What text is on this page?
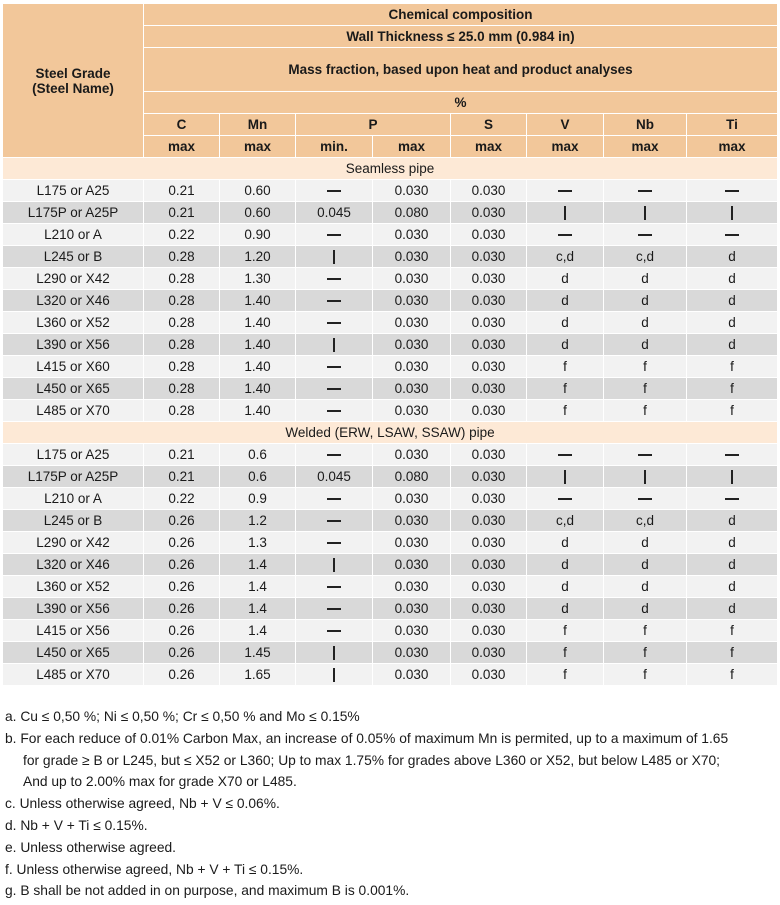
Steel Grade
(Steel Name)	Chemical composition							
	Wall Thickness ≤ 25.0 mm (0.984 in)							
	Mass fraction, based upon heat and product analyses							
	%							
	C	Mn	P		S	V	Nb	Ti
	max	max	min.	max	max	max	max	max
Seamless pipe								
L175 or A25	0.21	0.60		0.030	0.030			
L175P or A25P	0.21	0.60	0.045	0.080	0.030			
L210 or A	0.22	0.90		0.030	0.030			
L245 or B	0.28	1.20		0.030	0.030	c,d	c,d	d
L290 or X42	0.28	1.30		0.030	0.030	d	d	d
L320 or X46	0.28	1.40		0.030	0.030	d	d	d
L360 or X52	0.28	1.40		0.030	0.030	d	d	d
L390 or X56	0.28	1.40		0.030	0.030	d	d	d
L415 or X60	0.28	1.40		0.030	0.030	f	f	f
L450 or X65	0.28	1.40		0.030	0.030	f	f	f
L485 or X70	0.28	1.40		0.030	0.030	f	f	f
Welded (ERW, LSAW, SSAW) pipe								
L175 or A25	0.21	0.6		0.030	0.030			
L175P or A25P	0.21	0.6	0.045	0.080	0.030			
L210 or A	0.22	0.9		0.030	0.030			
L245 or B	0.26	1.2		0.030	0.030	c,d	c,d	d
L290 or X42	0.26	1.3		0.030	0.030	d	d	d
L320 or X46	0.26	1.4		0.030	0.030	d	d	d
L360 or X52	0.26	1.4		0.030	0.030	d	d	d
L390 or X56	0.26	1.4		0.030	0.030	d	d	d
L415 or X56	0.26	1.4		0.030	0.030	f	f	f
L450 or X65	0.26	1.45		0.030	0.030	f	f	f
L485 or X70	0.26	1.65		0.030	0.030	f	f	f

a. Cu ≤ 0,50 %; Ni ≤ 0,50 %; Cr ≤ 0,50 % and Mo ≤ 0.15%

b. For each reduce of 0.01% Carbon Max, an increase of 0.05% of maximum Mn is permited, up to a maximum of 1.65

for grade ≥ B or L245, but ≤ X52 or L360; Up to max 1.75% for grades above L360 or X52, but below L485 or X70;

And up to 2.00% max for grade X70 or L485.

c. Unless otherwise agreed, Nb + V ≤ 0.06%.

d. Nb + V + Ti ≤ 0.15%.

e. Unless otherwise agreed.

f. Unless otherwise agreed, Nb + V + Ti ≤ 0.15%.

g. B shall be not added in on purpose, and maximum B is 0.001%.
